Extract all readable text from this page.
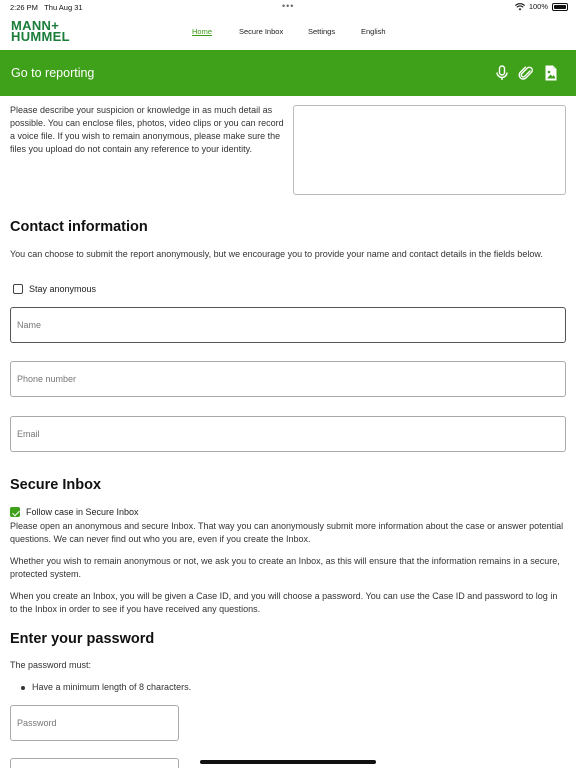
2:26 PM Thu Aug 31	•••	100%
MANN+
HUMMEL	Home	Secure Inbox	Settings	English
Go to reporting

Please describe your suspicion or knowledge in as much detail as possible. You can enclose files, photos, video clips or you can record a voice file. If you wish to remain anonymous, please make sure the files you upload do not contain any reference to your identity.

Contact information

You can choose to submit the report anonymously, but we encourage you to provide your name and contact details in the fields below.

Stay anonymous
Name
Phone number
Email
Secure Inbox
Follow case in Secure Inbox

Please open an anonymous and secure Inbox. That way you can anonymously submit more information about the case or answer potential questions. We can never find out who you are, even if you create the Inbox.

Whether you wish to remain anonymous or not, we ask you to create an Inbox, as this will ensure that the information remains in a secure, protected system.

When you create an Inbox, you will be given a Case ID, and you will choose a password. You can use the Case ID and password to log in to the Inbox in order to see if you have received any questions.

Enter your password

The password must:

Have a minimum length of 8 characters.
Password
